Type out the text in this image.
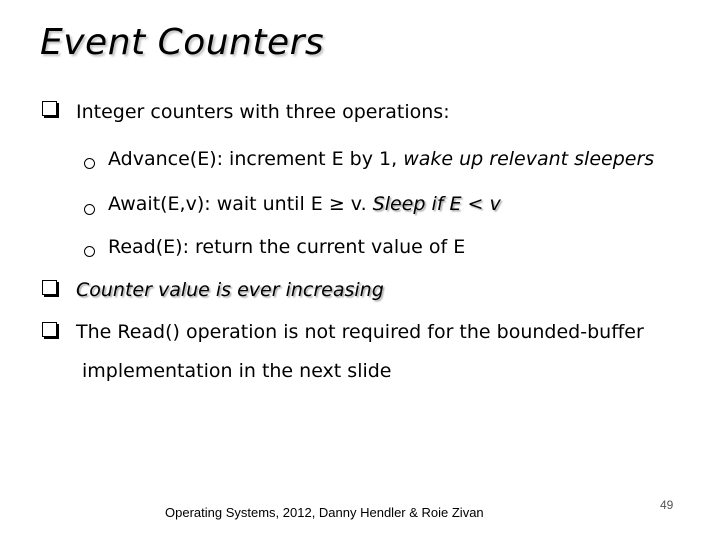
Event Counters
Integer counters with three operations:
Advance(E): increment E by 1, wake up relevant sleepers
Await(E,v): wait until E ≥ v. Sleep if E < v
Read(E): return the current value of E
Counter value is ever increasing
The Read() operation is not required for the bounded-buffer
implementation in the next slide
Operating Systems, 2012, Danny Hendler & Roie Zivan	49
